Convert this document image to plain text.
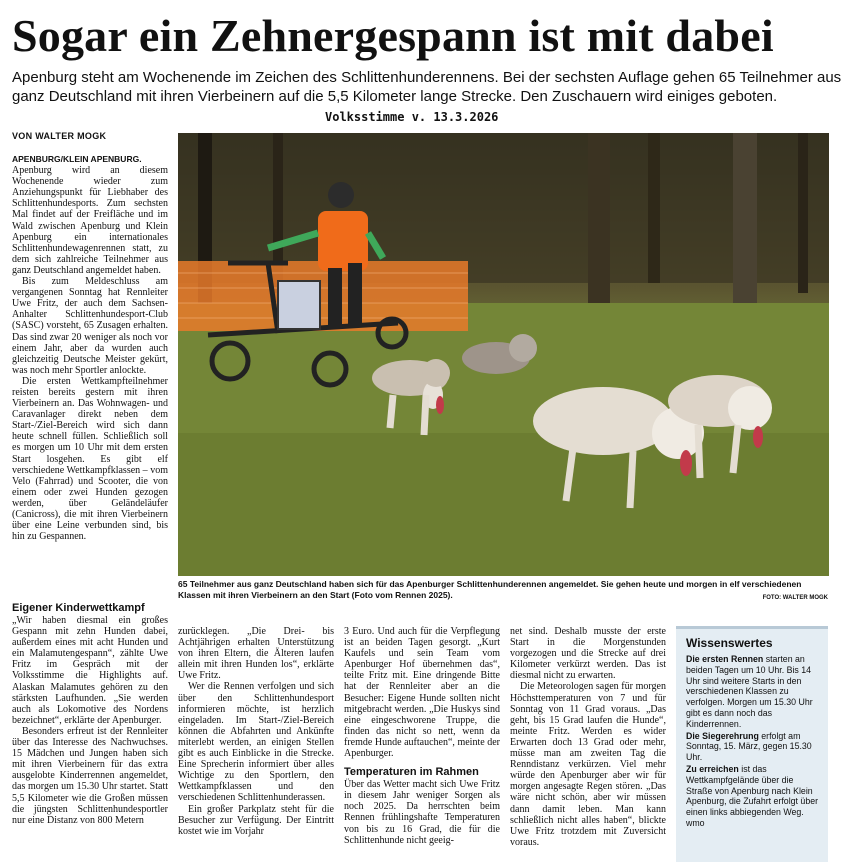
Sogar ein Zehnergespann ist mit dabei
Apenburg steht am Wochenende im Zeichen des Schlittenhunderennens. Bei der sechsten Auflage gehen 65 Teilnehmer aus ganz Deutschland mit ihren Vierbeinern auf die 5,5 Kilometer lange Strecke. Den Zuschauern wird einiges geboten.
Volksstimme v. 13.3.2026
VON WALTER MOGK

APENBURG/KLEIN APENBURG.

Apenburg wird an diesem Wochenende wieder zum Anziehungspunkt für Liebhaber des Schlittenhundesports. Zum sechsten Mal findet auf der Freifläche und im Wald zwischen Apenburg und Klein Apenburg ein internationales Schlittenhundewagenrennen statt, zu dem sich zahlreiche Teilnehmer aus ganz Deutschland angemeldet haben.

Bis zum Meldeschluss am vergangenen Sonntag hat Rennleiter Uwe Fritz, der auch dem Sachsen-Anhalter Schlittenhundesport-Club (SASC) vorsteht, 65 Zusagen erhalten. Das sind zwar 20 weniger als noch vor einem Jahr, aber da wurden auch gleichzeitig Deutsche Meister gekürt, was noch mehr Sportler anlockte.

Die ersten Wettkampfteilnehmer reisten bereits gestern mit ihren Vierbeinern an. Das Wohnwagen- und Caravanlager direkt neben dem Start-/Ziel-Bereich wird sich dann heute schnell füllen. Schließlich soll es morgen um 10 Uhr mit dem ersten Start losgehen. Es gibt elf verschiedene Wettkampfklassen – vom Velo (Fahrrad) und Scooter, die von einem oder zwei Hunden gezogen werden, über Geländeläufer (Canicross), die mit ihren Vierbeinern über eine Leine verbunden sind, bis hin zu Gespannen.

Eigener Kinderwettkampf

„Wir haben diesmal ein großes Gespann mit zehn Hunden dabei, außerdem eines mit acht Hunden und ein Malamutengespann“, zählte Uwe Fritz im Gespräch mit der Volksstimme die Highlights auf. Alaskan Malamutes gehören zu den stärksten Laufhunden. „Sie werden auch als Lokomotive des Nordens bezeichnet“, erklärte der Apenburger.

Besonders erfreut ist der Rennleiter über das Interesse des Nachwuchses. 15 Mädchen und Jungen haben sich mit ihren Vierbeinern für das extra ausgelobte Kinderrennen angemeldet, das morgen um 15.30 Uhr startet. Statt 5,5 Kilometer wie die Großen müssen die jüngsten Schlittenhundesportler nur eine Distanz von 800 Metern

zurücklegen. „Die Drei- bis Achtjährigen erhalten Unterstützung von ihren Eltern, die Älteren laufen allein mit ihren Hunden los“, erklärte Uwe Fritz.

Wer die Rennen verfolgen und sich über den Schlittenhundesport informieren möchte, ist herzlich eingeladen. Im Start-/Ziel-Bereich können die Abfahrten und Ankünfte miterlebt werden, an einigen Stellen gibt es auch Einblicke in die Strecke. Eine Sprecherin informiert über alles Wichtige zu den Sportlern, den Wettkampfklassen und den verschiedenen Schlittenhunderassen.

Ein großer Parkplatz steht für die Besucher zur Verfügung. Der Eintritt kostet wie im Vorjahr

3 Euro. Und auch für die Verpflegung ist an beiden Tagen gesorgt. „Kurt Kaufels und sein Team vom Apenburger Hof übernehmen das“, teilte Fritz mit. Eine dringende Bitte hat der Rennleiter aber an die Besucher: Eigene Hunde sollten nicht mitgebracht werden. „Die Huskys sind eine eingeschworene Truppe, die finden das nicht so nett, wenn da fremde Hunde auftauchen“, meinte der Apenburger.

Temperaturen im Rahmen

Über das Wetter macht sich Uwe Fritz in diesem Jahr weniger Sorgen als noch 2025. Da herrschten beim Rennen frühlingshafte Temperaturen von bis zu 16 Grad, die für die Schlittenhunde nicht geeig-

net sind. Deshalb musste der erste Start in die Morgenstunden vorgezogen und die Strecke auf drei Kilometer verkürzt werden. Das ist diesmal nicht zu erwarten.

Die Meteorologen sagen für morgen Höchsttemperaturen von 7 und für Sonntag von 11 Grad voraus. „Das geht, bis 15 Grad laufen die Hunde“, meinte Fritz. Werden es wider Erwarten doch 13 Grad oder mehr, müsse man am zweiten Tag die Renndistanz verkürzen. Viel mehr würde den Apenburger aber wir für morgen angesagte Regen stören. „Das wäre nicht schön, aber wir müssen dann damit leben. Man kann schließlich nicht alles haben“, blickte Uwe Fritz trotzdem mit Zuversicht voraus.

65 Teilnehmer aus ganz Deutschland haben sich für das Apenburger Schlittenhunderennen angemeldet. Sie gehen heute und morgen in elf verschiedenen Klassen mit ihren Vierbeinern an den Start (Foto vom Rennen 2025).	FOTO: WALTER MOGK
Wissenswertes

Die ersten Rennen starten an beiden Tagen um 10 Uhr. Bis 14 Uhr sind weitere Starts in den verschiedenen Klassen zu verfolgen. Morgen um 15.30 Uhr gibt es dann noch das Kinderrennen.

Die Siegerehrung erfolgt am Sonntag, 15. März, gegen 15.30 Uhr.

Zu erreichen ist das Wettkampfgelände über die Straße von Apenburg nach Klein Apenburg, die Zufahrt erfolgt über einen links abbiegenden Weg. wmo
